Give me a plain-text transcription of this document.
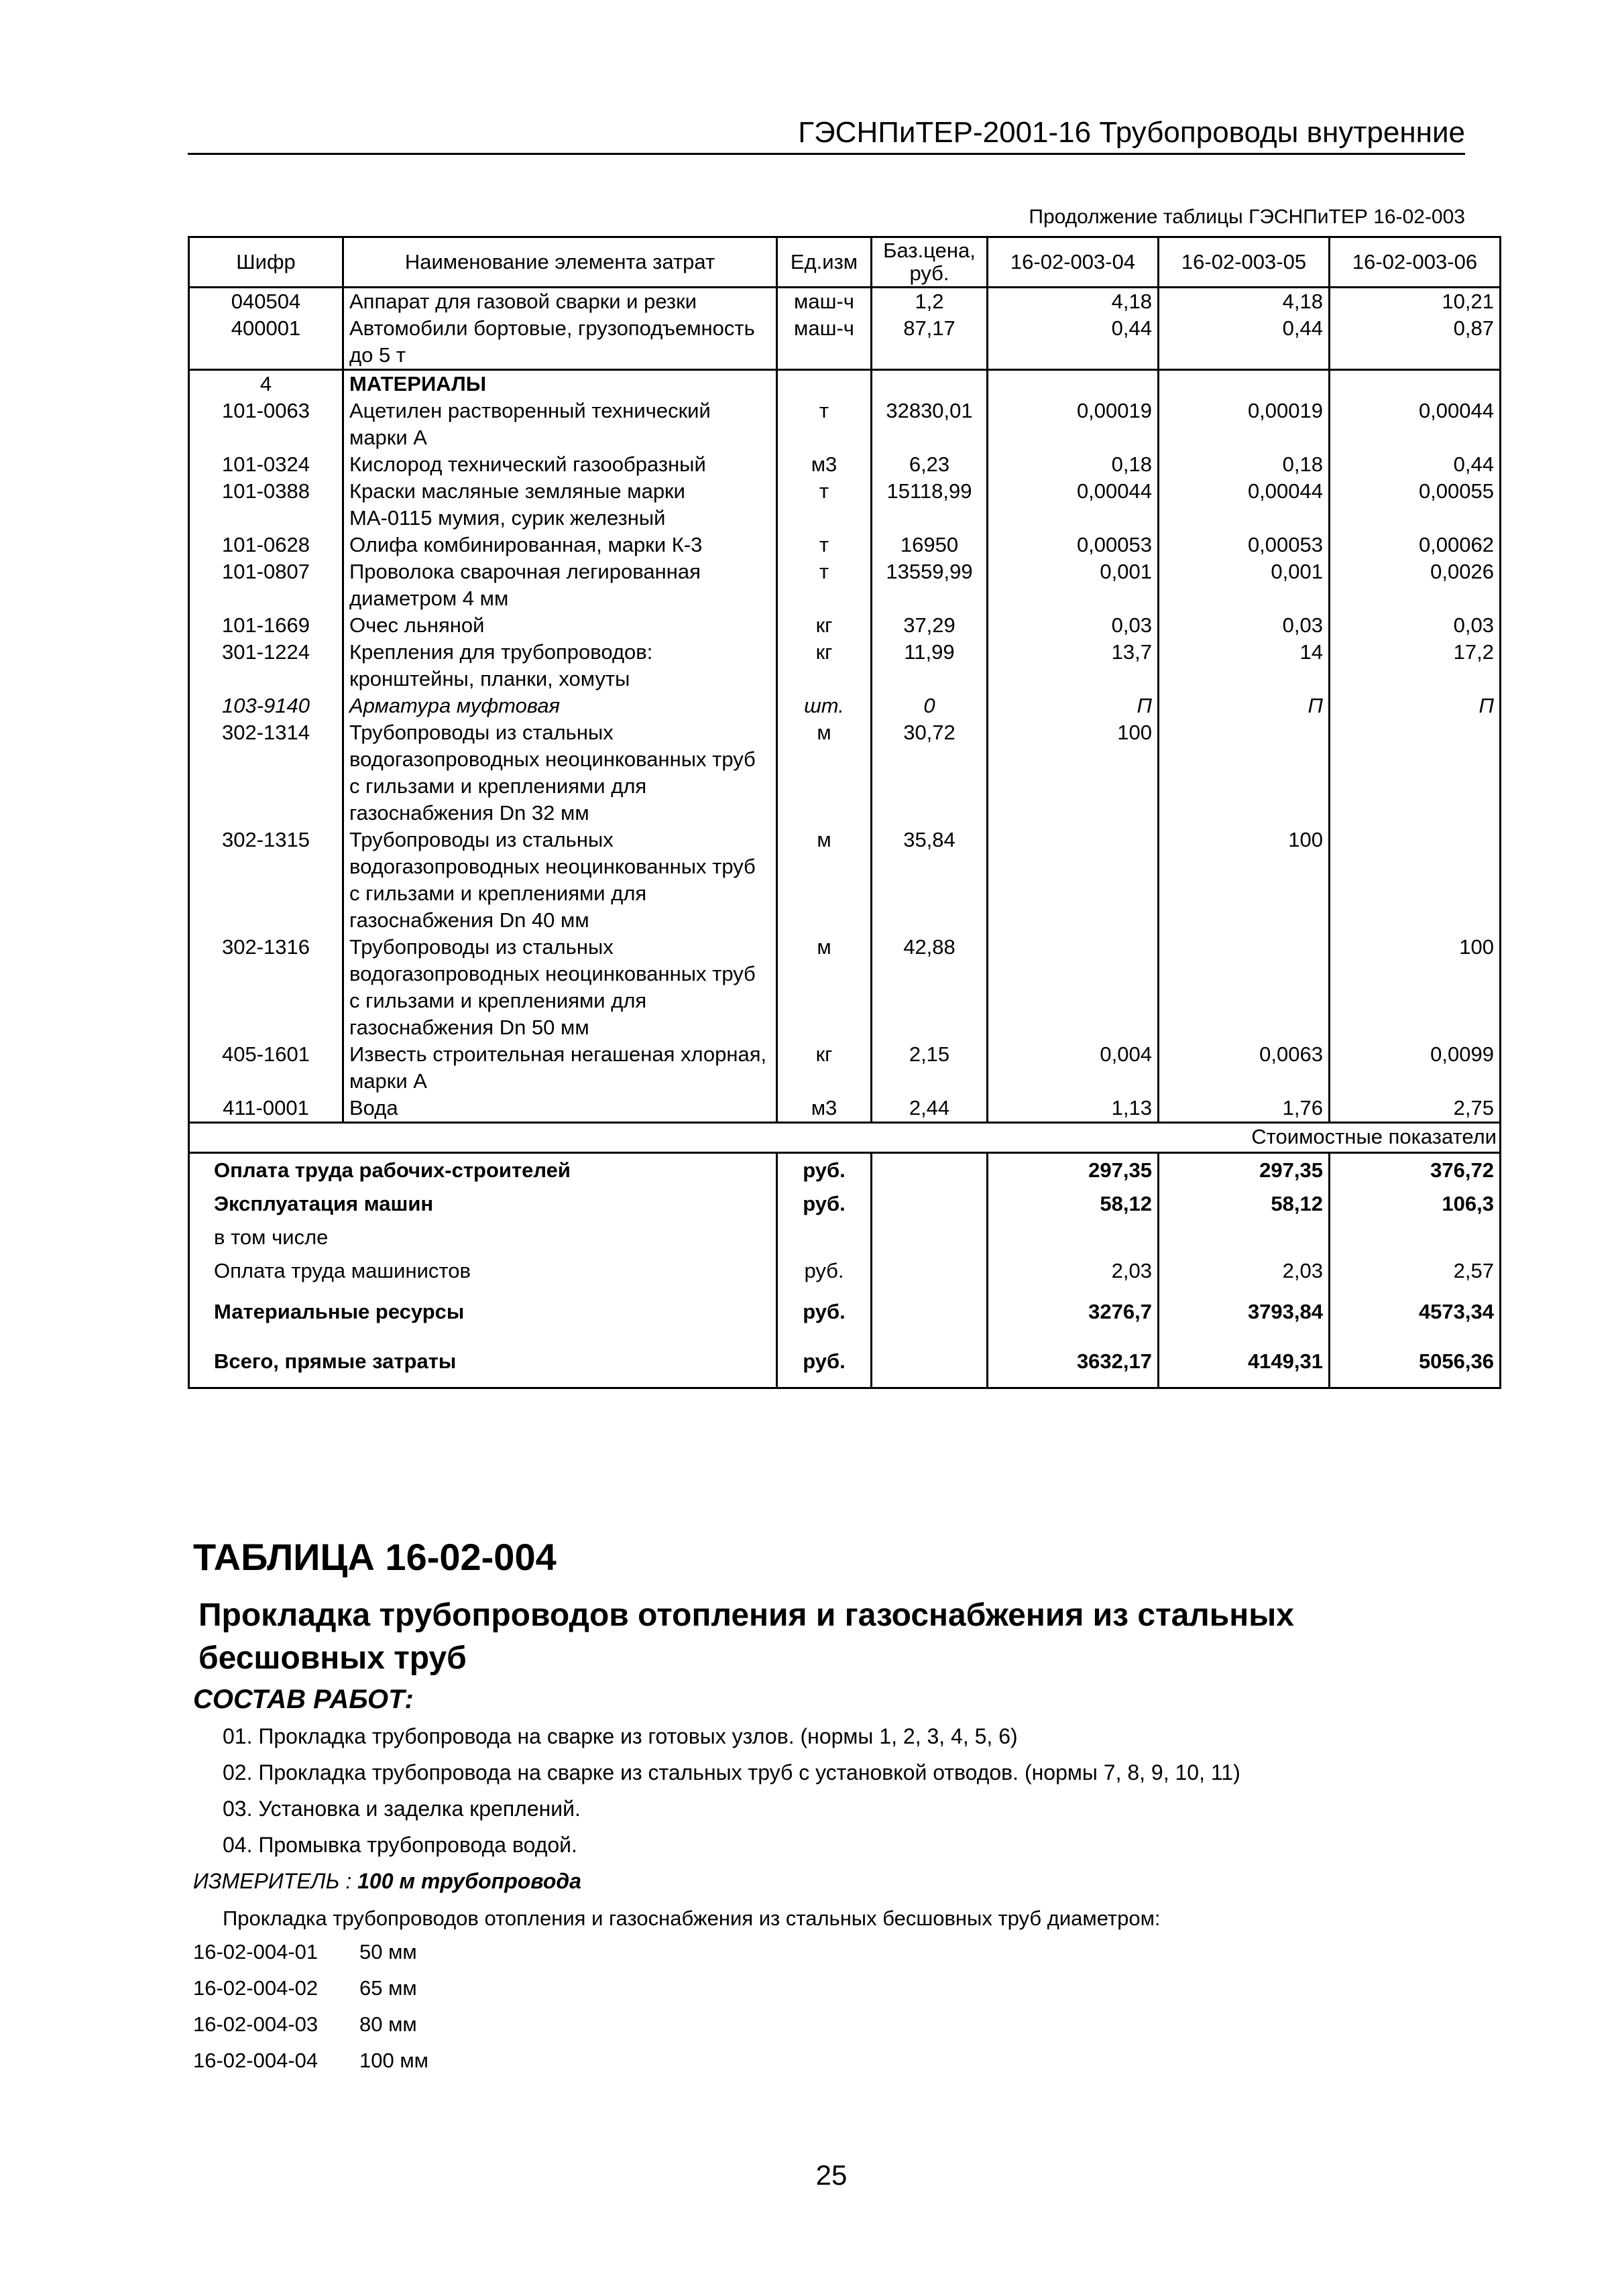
ГЭСНПиТЕР-2001-16 Трубопроводы внутренние
Продолжение таблицы ГЭСНПиТЕР 16-02-003
Шифр	Наименование элемента затрат	Ед.изм	Баз.цена, руб.	16-02-003-04	16-02-003-05	16-02-003-06
040504	Аппарат для газовой сварки и резки	маш-ч	1,2	4,18	4,18	10,21
400001	Автомобили бортовые, грузоподъемность до 5 т	маш-ч	87,17	0,44	0,44	0,87
4	МАТЕРИАЛЫ					
101-0063	Ацетилен растворенный технический марки А	т	32830,01	0,00019	0,00019	0,00044
101-0324	Кислород технический газообразный	м3	6,23	0,18	0,18	0,44
101-0388	Краски масляные земляные марки МА-0115 мумия, сурик железный	т	15118,99	0,00044	0,00044	0,00055
101-0628	Олифа комбинированная, марки К-3	т	16950	0,00053	0,00053	0,00062
101-0807	Проволока сварочная легированная диаметром 4 мм	т	13559,99	0,001	0,001	0,0026
101-1669	Очес льняной	кг	37,29	0,03	0,03	0,03
301-1224	Крепления для трубопроводов: кронштейны, планки, хомуты	кг	11,99	13,7	14	17,2
103-9140	Арматура муфтовая	шт.	0	П	П	П
302-1314	Трубопроводы из стальных водогазопроводных неоцинкованных труб с гильзами и креплениями для газоснабжения Dn 32 мм	м	30,72	100		
302-1315	Трубопроводы из стальных водогазопроводных неоцинкованных труб с гильзами и креплениями для газоснабжения Dn 40 мм	м	35,84		100	
302-1316	Трубопроводы из стальных водогазопроводных неоцинкованных труб с гильзами и креплениями для газоснабжения Dn 50 мм	м	42,88			100
405-1601	Известь строительная негашеная хлорная, марки А	кг	2,15	0,004	0,0063	0,0099
411-0001	Вода	м3	2,44	1,13	1,76	2,75
Стоимостные показатели						
Оплата труда рабочих-строителей		руб.		297,35	297,35	376,72
Эксплуатация машин		руб.		58,12	58,12	106,3
в том числе						
Оплата труда машинистов		руб.		2,03	2,03	2,57
Материальные ресурсы		руб.		3276,7	3793,84	4573,34
Всего, прямые затраты		руб.		3632,17	4149,31	5056,36
ТАБЛИЦА 16-02-004
Прокладка трубопроводов отопления и газоснабжения из стальных бесшовных труб
СОСТАВ РАБОТ:
01. Прокладка трубопровода на сварке из готовых узлов. (нормы 1, 2, 3, 4, 5, 6)
02. Прокладка трубопровода на сварке из стальных труб с установкой отводов. (нормы 7, 8, 9, 10, 11)
03. Установка и заделка креплений.
04. Промывка трубопровода водой.
ИЗМЕРИТЕЛЬ : 100 м трубопровода
Прокладка трубопроводов отопления и газоснабжения из стальных бесшовных труб диаметром:
16-02-004-01 50 мм
16-02-004-02 65 мм
16-02-004-03 80 мм
16-02-004-04 100 мм
25
